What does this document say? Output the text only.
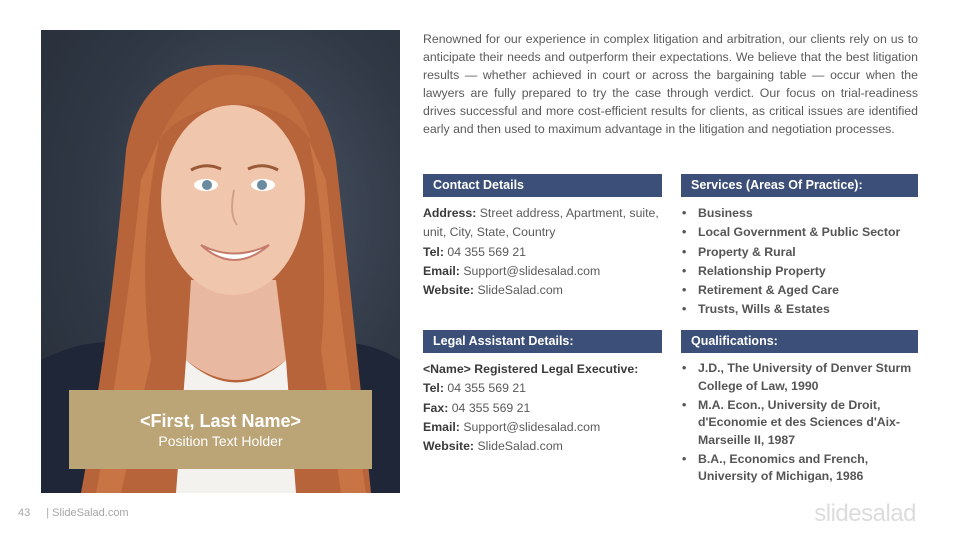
<First, Last Name>
Position Text Holder

Renowned for our experience in complex litigation and arbitration, our clients rely on us to anticipate their needs and outperform their expectations. We believe that the best litigation results — whether achieved in court or across the bargaining table — occur when the lawyers are fully prepared to try the case through verdict. Our focus on trial-readiness drives successful and more cost-efficient results for clients, as critical issues are identified early and then used to maximum advantage in the litigation and negotiation processes.

Contact Details
Address: Street address, Apartment, suite, unit, City, State, Country
Tel: 04 355 569 21
Email: Support@slidesalad.com
Website: SlideSalad.com
Services (Areas Of Practice):
• Business
• Local Government & Public Sector
• Property & Rural
• Relationship Property
• Retirement & Aged Care
• Trusts, Wills & Estates
Legal Assistant Details:
<Name> Registered Legal Executive:
Tel: 04 355 569 21
Fax: 04 355 569 21
Email: Support@slidesalad.com
Website: SlideSalad.com
Qualifications:
• J.D., The University of Denver Sturm College of Law, 1990
• M.A. Econ., University de Droit, d'Economie et des Sciences d'Aix-Marseille II, 1987
• B.A., Economics and French, University of Michigan, 1986
43 | SlideSalad.com	slidesalad
